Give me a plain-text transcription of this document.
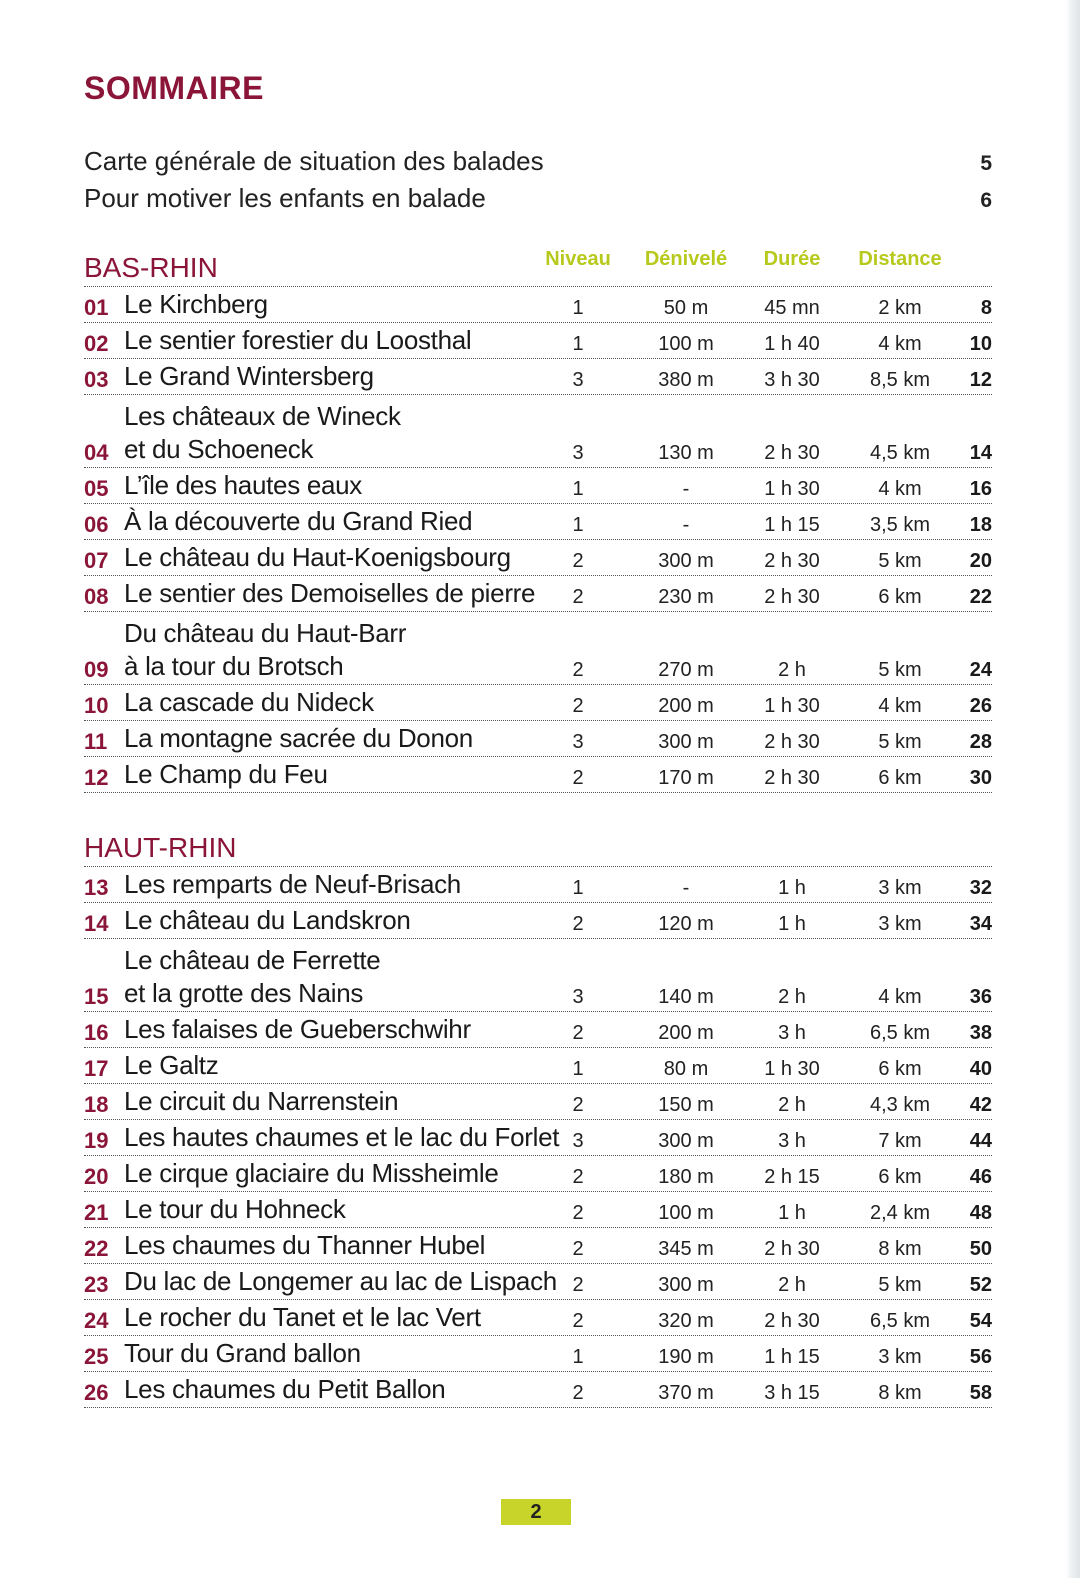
SOMMAIRE
Carte générale de situation des balades	5
Pour motiver les enfants en balade	6
BAS-RHIN	Niveau Dénivelé Durée Distance
01 Le Kirchberg	1	50 m	45 mn	2 km	8
02 Le sentier forestier du Loosthal	1	100 m	1 h 40	4 km 10
03 Le Grand Wintersberg	3	380 m	3 h 30	8,5 km 12
04
Les châteaux de Wineck
et du Schoeneck	3	130 m	2 h 30	4,5 km 14
05 L’île des hautes eaux	1	-	1 h 30	4 km 16
06 À la découverte du Grand Ried	1	-	1 h 15	3,5 km 18
07 Le château du Haut-Koenigsbourg	2	300 m	2 h 30	5 km 20
08 Le sentier des Demoiselles de pierre	2	230 m	2 h 30	6 km 22
09
Du château du Haut-Barr
à la tour du Brotsch	2	270 m	2 h	5 km 24
10 La cascade du Nideck	2	200 m	1 h 30	4 km 26
11 La montagne sacrée du Donon	3	300 m	2 h 30	5 km 28
12 Le Champ du Feu	2	170 m	2 h 30	6 km 30
HAUT-RHIN
13 Les remparts de Neuf-Brisach	1	-	1 h	3 km 32
14 Le château du Landskron	2	120 m	1 h	3 km 34
15
Le château de Ferrette
et la grotte des Nains	3	140 m	2 h	4 km 36
16 Les falaises de Gueberschwihr	2	200 m	3 h	6,5 km 38
17 Le Galtz	1	80 m	1 h 30	6 km 40
18 Le circuit du Narrenstein	2	150 m	2 h	4,3 km 42
19 Les hautes chaumes et le lac du Forlet 3	300 m	3 h	7 km 44
20 Le cirque glaciaire du Missheimle	2	180 m	2 h 15	6 km 46
21 Le tour du Hohneck	2	100 m	1 h	2,4 km 48
22 Les chaumes du Thanner Hubel	2	345 m	2 h 30	8 km 50
23 Du lac de Longemer au lac de Lispach 2	300 m	2 h	5 km 52
24 Le rocher du Tanet et le lac Vert	2	320 m	2 h 30	6,5 km 54
25 Tour du Grand ballon	1	190 m	1 h 15	3 km 56
26 Les chaumes du Petit Ballon	2	370 m	3 h 15	8 km 58
2
